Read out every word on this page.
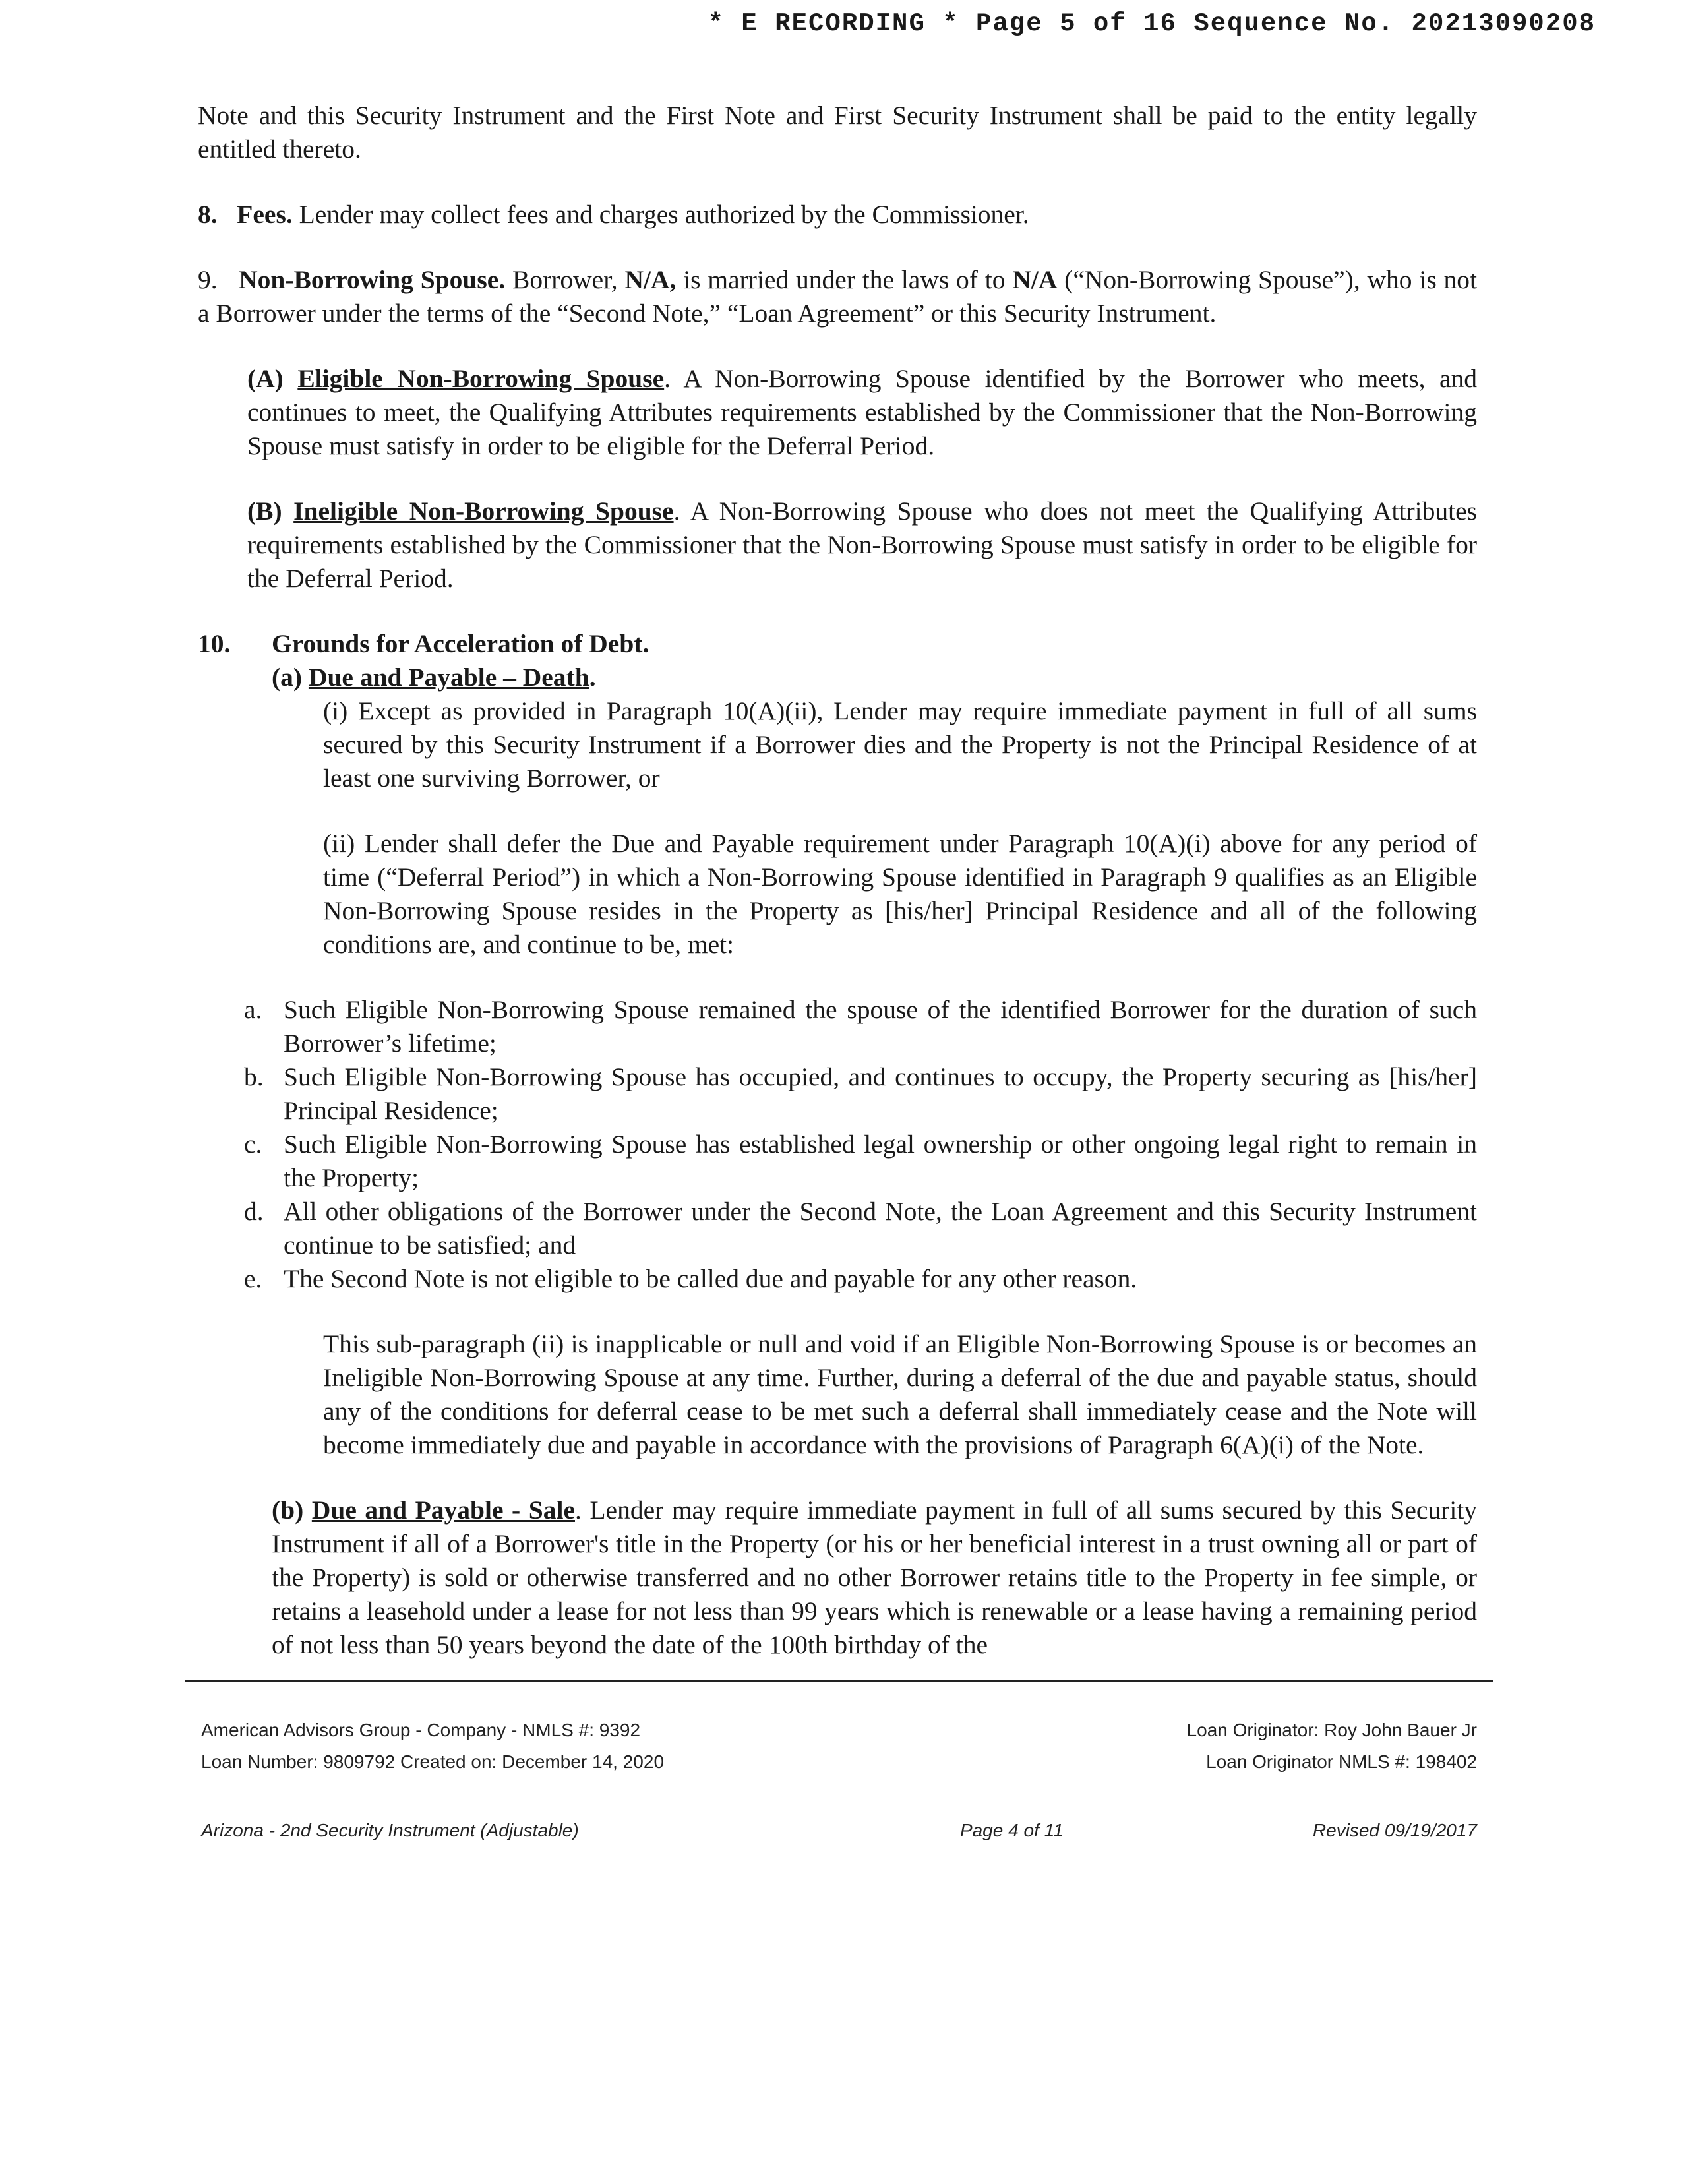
* E RECORDING * Page 5 of 16 Sequence No. 20213090208

Note and this Security Instrument and the First Note and First Security Instrument shall be paid to the entity legally entitled thereto.

8. Fees. Lender may collect fees and charges authorized by the Commissioner.

9. Non-Borrowing Spouse. Borrower, N/A, is married under the laws of to N/A (“Non-Borrowing Spouse”), who is not a Borrower under the terms of the “Second Note,” “Loan Agreement” or this Security Instrument.

(A) Eligible Non-Borrowing Spouse. A Non-Borrowing Spouse identified by the Borrower who meets, and continues to meet, the Qualifying Attributes requirements established by the Commissioner that the Non-Borrowing Spouse must satisfy in order to be eligible for the Deferral Period.

(B) Ineligible Non-Borrowing Spouse. A Non-Borrowing Spouse who does not meet the Qualifying Attributes requirements established by the Commissioner that the Non-Borrowing Spouse must satisfy in order to be eligible for the Deferral Period.

10.	Grounds for Acceleration of Debt.

(a) Due and Payable – Death.

(i) Except as provided in Paragraph 10(A)(ii), Lender may require immediate payment in full of all sums secured by this Security Instrument if a Borrower dies and the Property is not the Principal Residence of at least one surviving Borrower, or

(ii) Lender shall defer the Due and Payable requirement under Paragraph 10(A)(i) above for any period of time (“Deferral Period”) in which a Non-Borrowing Spouse identified in Paragraph 9 qualifies as an Eligible Non-Borrowing Spouse resides in the Property as [his/her] Principal Residence and all of the following conditions are, and continue to be, met:

a. Such Eligible Non-Borrowing Spouse remained the spouse of the identified Borrower for the duration of such Borrower’s lifetime;
b. Such Eligible Non-Borrowing Spouse has occupied, and continues to occupy, the Property securing as [his/her] Principal Residence;
c. Such Eligible Non-Borrowing Spouse has established legal ownership or other ongoing legal right to remain in the Property;
d. All other obligations of the Borrower under the Second Note, the Loan Agreement and this Security Instrument continue to be satisfied; and
e. The Second Note is not eligible to be called due and payable for any other reason.

This sub-paragraph (ii) is inapplicable or null and void if an Eligible Non-Borrowing Spouse is or becomes an Ineligible Non-Borrowing Spouse at any time. Further, during a deferral of the due and payable status, should any of the conditions for deferral cease to be met such a deferral shall immediately cease and the Note will become immediately due and payable in accordance with the provisions of Paragraph 6(A)(i) of the Note.

(b) Due and Payable - Sale. Lender may require immediate payment in full of all sums secured by this Security Instrument if all of a Borrower's title in the Property (or his or her beneficial interest in a trust owning all or part of the Property) is sold or otherwise transferred and no other Borrower retains title to the Property in fee simple, or retains a leasehold under a lease for not less than 99 years which is renewable or a lease having a remaining period of not less than 50 years beyond the date of the 100th birthday of the

American Advisors Group - Company - NMLS #: 9392	Loan Originator: Roy John Bauer Jr
Loan Number: 9809792 Created on: December 14, 2020	Loan Originator NMLS #: 198402
Arizona - 2nd Security Instrument (Adjustable)	Page 4 of 11	Revised 09/19/2017
